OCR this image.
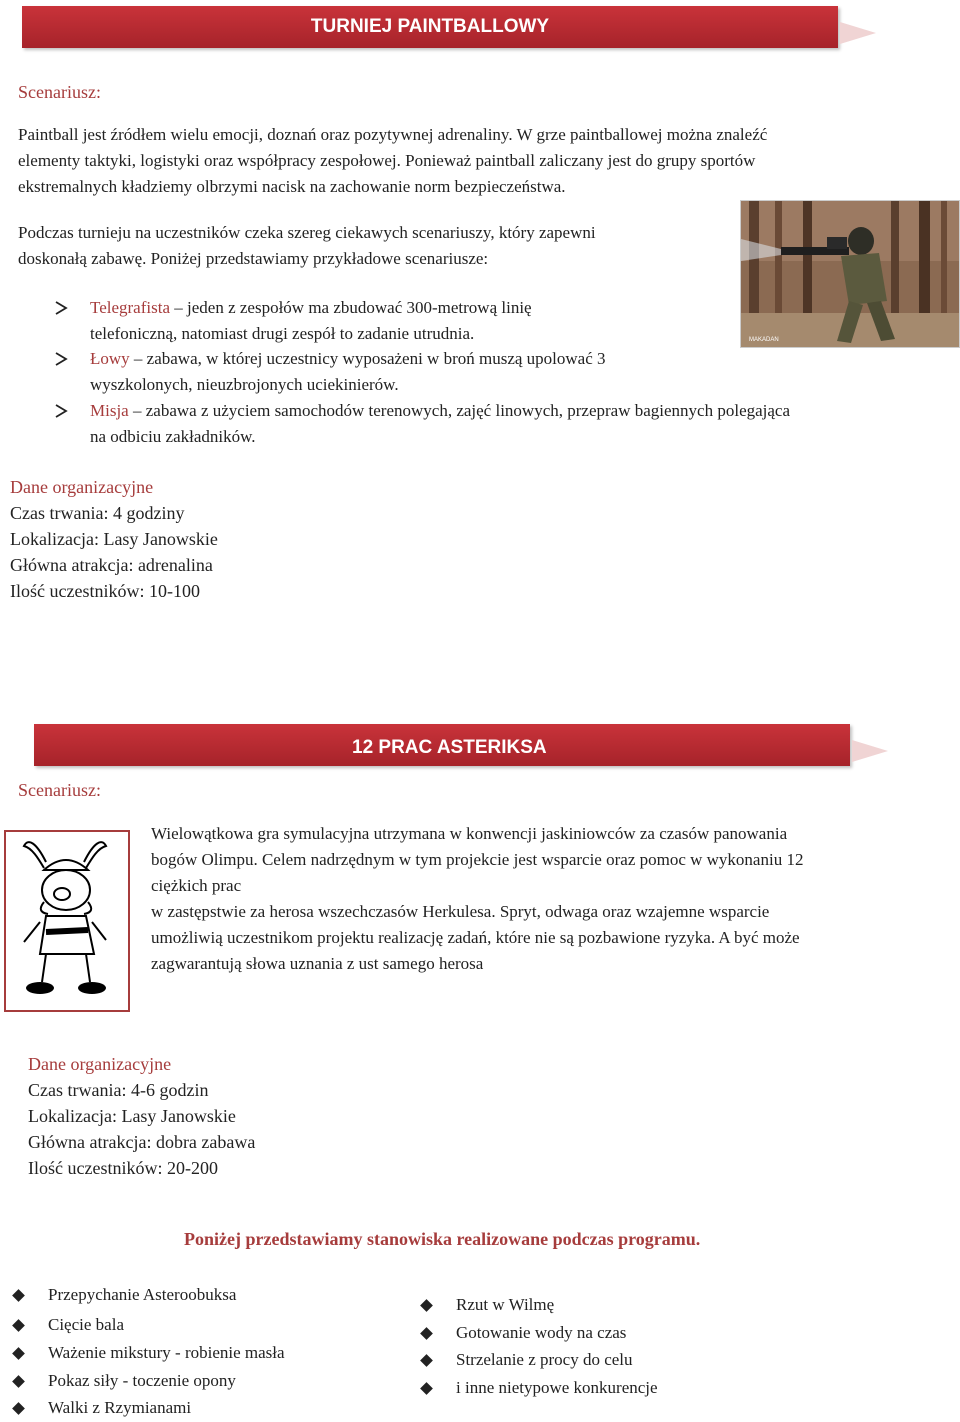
TURNIEJ PAINTBALLOWY
Scenariusz:
Paintball jest źródłem wielu emocji, doznań oraz pozytywnej adrenaliny. W grze paintballowej można znaleźć
elementy taktyki, logistyki oraz współpracy zespołowej. Ponieważ paintball zaliczany jest do grupy sportów
ekstremalnych kładziemy olbrzymi nacisk na zachowanie norm bezpieczeństwa.
Podczas turnieju na uczestników czeka szereg ciekawych scenariuszy, który zapewni
doskonałą zabawę. Poniżej przedstawiamy przykładowe scenariusze:
MAKADAN
Telegrafista – jeden z zespołów ma zbudować 300-metrową linię
telefoniczną, natomiast drugi zespół to zadanie utrudnia.
Łowy – zabawa, w której uczestnicy wyposażeni w broń muszą upolować 3
wyszkolonych, nieuzbrojonych uciekinierów.
Misja – zabawa z użyciem samochodów terenowych, zajęć linowych, przepraw bagiennych polegająca
na odbiciu zakładników.
Dane organizacyjne
Czas trwania: 4 godziny
Lokalizacja: Lasy Janowskie
Główna atrakcja: adrenalina
Ilość uczestników: 10-100
12 PRAC ASTERIKSA
Scenariusz:
Wielowątkowa gra symulacyjna utrzymana w konwencji jaskiniowców za czasów panowania
bogów Olimpu. Celem nadrzędnym w tym projekcie jest wsparcie oraz pomoc w wykonaniu 12
ciężkich prac
w zastępstwie za herosa wszechczasów Herkulesa. Spryt, odwaga oraz wzajemne wsparcie
umożliwią uczestnikom projektu realizację zadań, które nie są pozbawione ryzyka. A być może
zagwarantują słowa uznania z ust samego herosa
Dane organizacyjne
Czas trwania: 4-6 godzin
Lokalizacja: Lasy Janowskie
Główna atrakcja: dobra zabawa
Ilość uczestników: 20-200
Poniżej przedstawiamy stanowiska realizowane podczas programu.
Przepychanie Asteroobuksa
Cięcie bala
Ważenie mikstury - robienie masła
Pokaz siły - toczenie opony
Walki z Rzymianami
Rzut w Wilmę
Gotowanie wody na czas
Strzelanie z procy do celu
i inne nietypowe konkurencje
